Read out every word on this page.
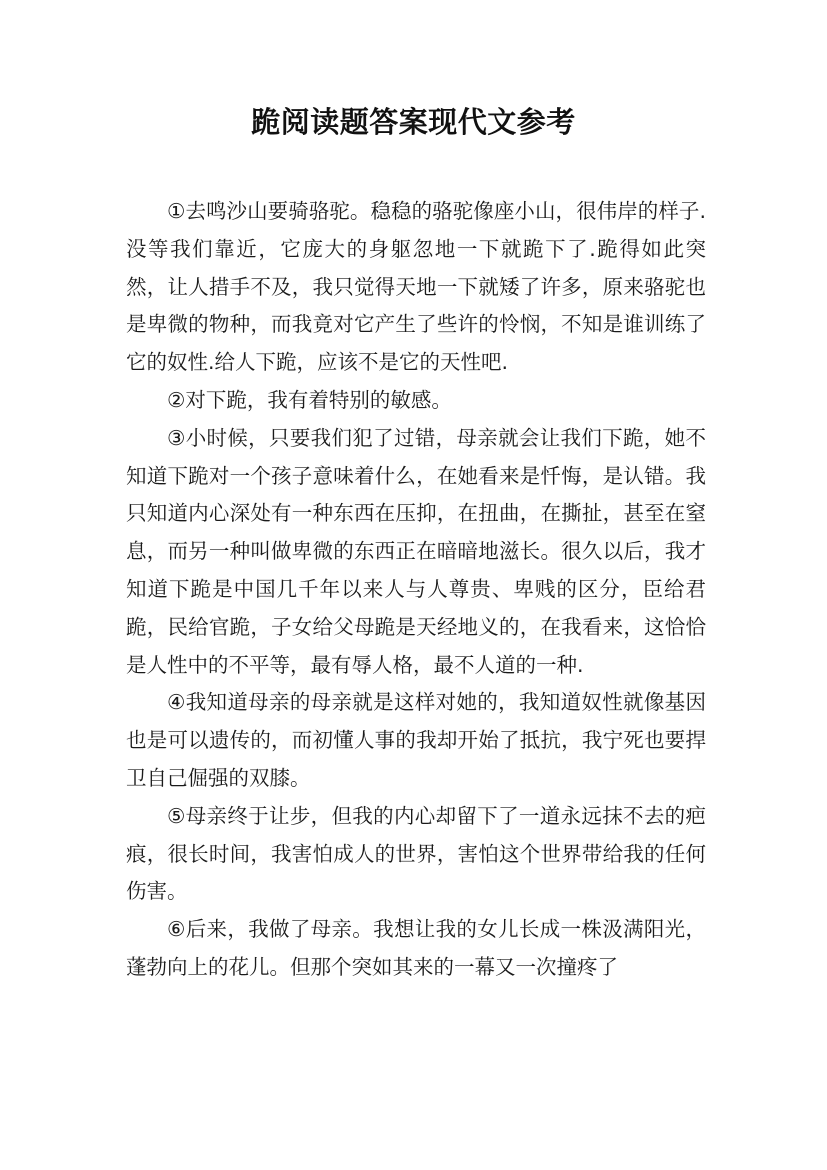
跪阅读题答案现代文参考

①去鸣沙山要骑骆驼。稳稳的骆驼像座小山，很伟岸的样子.没等我们靠近，它庞大的身躯忽地一下就跪下了.跪得如此突然，让人措手不及，我只觉得天地一下就矮了许多，原来骆驼也是卑微的物种，而我竟对它产生了些许的怜悯，不知是谁训练了它的奴性.给人下跪，应该不是它的天性吧.

②对下跪，我有着特别的敏感。

③小时候，只要我们犯了过错，母亲就会让我们下跪，她不知道下跪对一个孩子意味着什么，在她看来是忏悔，是认错。我只知道内心深处有一种东西在压抑，在扭曲，在撕扯，甚至在窒息，而另一种叫做卑微的东西正在暗暗地滋长。很久以后，我才知道下跪是中国几千年以来人与人尊贵、卑贱的区分，臣给君跪，民给官跪，子女给父母跪是天经地义的，在我看来，这恰恰是人性中的不平等，最有辱人格，最不人道的一种.

④我知道母亲的母亲就是这样对她的，我知道奴性就像基因也是可以遗传的，而初懂人事的我却开始了抵抗，我宁死也要捍卫自己倔强的双膝。

⑤母亲终于让步，但我的内心却留下了一道永远抹不去的疤痕，很长时间，我害怕成人的世界，害怕这个世界带给我的任何伤害。

⑥后来，我做了母亲。我想让我的女儿长成一株汲满阳光，蓬勃向上的花儿。但那个突如其来的一幕又一次撞疼了
